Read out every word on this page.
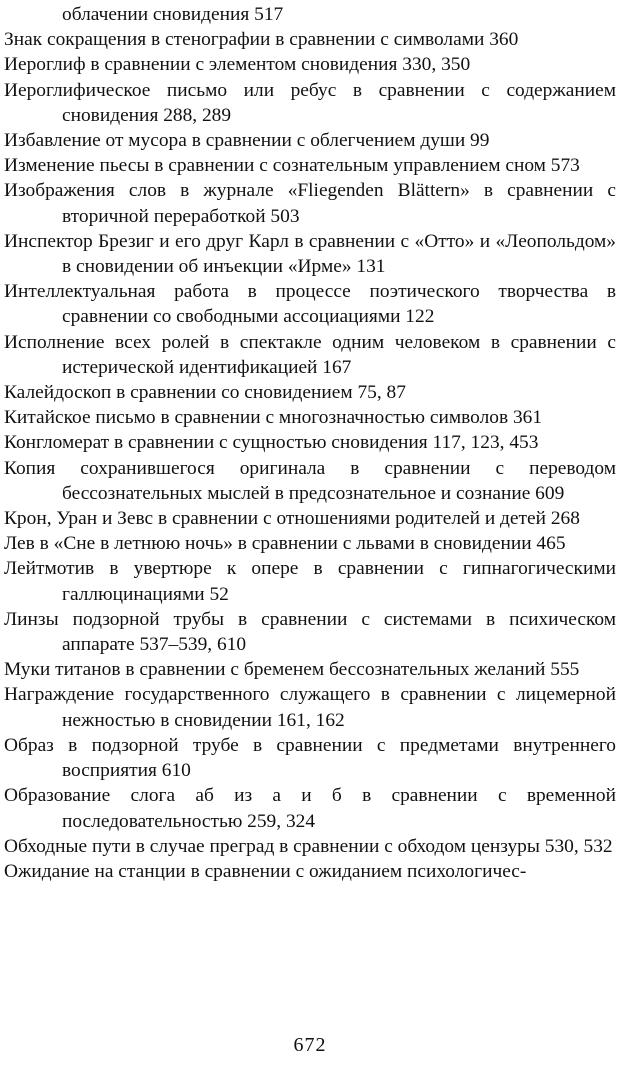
облачении сновидения 517
Знак сокращения в стенографии в сравнении с символами 360
Иероглиф в сравнении с элементом сновидения 330, 350
Иероглифическое письмо или ребус в сравнении с содержанием сновидения 288, 289
Избавление от мусора в сравнении с облегчением души 99
Изменение пьесы в сравнении с сознательным управлением сном 573
Изображения слов в журнале «Fliegenden Blättern» в сравнении с вторичной переработкой 503
Инспектор Брезиг и его друг Карл в сравнении с «Отто» и «Леопольдом» в сновидении об инъекции «Ирме» 131
Интеллектуальная работа в процессе поэтического творчества в сравнении со свободными ассоциациями 122
Исполнение всех ролей в спектакле одним человеком в сравнении с истерической идентификацией 167
Калейдоскоп в сравнении со сновидением 75, 87
Китайское письмо в сравнении с многозначностью символов 361
Конгломерат в сравнении с сущностью сновидения 117, 123, 453
Копия сохранившегося оригинала в сравнении с переводом бессознательных мыслей в предсознательное и сознание 609
Крон, Уран и Зевс в сравнении с отношениями родителей и детей 268
Лев в «Сне в летнюю ночь» в сравнении с львами в сновидении 465
Лейтмотив в увертюре к опере в сравнении с гипнагогическими галлюцинациями 52
Линзы подзорной трубы в сравнении с системами в психическом аппарате 537–539, 610
Муки титанов в сравнении с бременем бессознательных желаний 555
Награждение государственного служащего в сравнении с лицемерной нежностью в сновидении 161, 162
Образ в подзорной трубе в сравнении с предметами внутреннего восприятия 610
Образование слога аб из а и б в сравнении с временной последовательностью 259, 324
Обходные пути в случае преград в сравнении с обходом цензуры 530, 532
Ожидание на станции в сравнении с ожиданием психологичес-
672
